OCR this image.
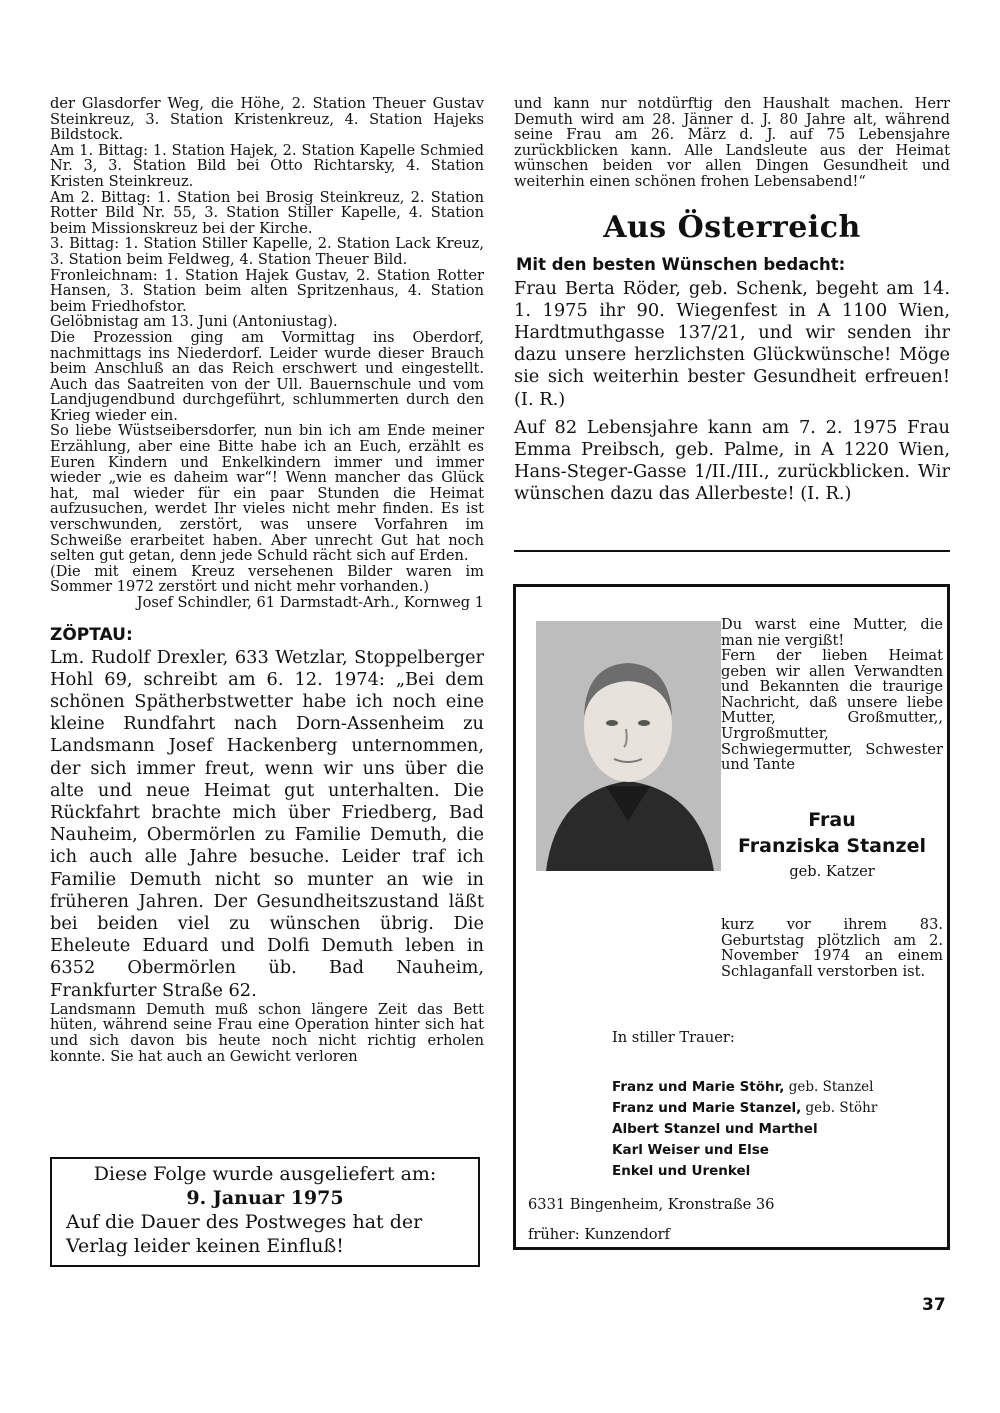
der Glasdorfer Weg, die Höhe, 2. Station Theuer Gustav Steinkreuz, 3. Station Kristenkreuz, 4. Station Hajeks Bildstock.

Am 1. Bittag: 1. Station Hajek, 2. Station Kapelle Schmied Nr. 3, 3. Station Bild bei Otto Richtarsky, 4. Station Kristen Steinkreuz.

Am 2. Bittag: 1. Station bei Brosig Steinkreuz, 2. Station Rotter Bild Nr. 55, 3. Station Stiller Kapelle, 4. Station beim Missionskreuz bei der Kirche.

3. Bittag: 1. Station Stiller Kapelle, 2. Station Lack Kreuz, 3. Station beim Feldweg, 4. Station Theuer Bild.

Fronleichnam: 1. Station Hajek Gustav, 2. Station Rotter Hansen, 3. Station beim alten Spritzenhaus, 4. Station beim Friedhofstor.

Gelöbnistag am 13. Juni (Antoniustag).

Die Prozession ging am Vormittag ins Oberdorf, nachmittags ins Niederdorf. Leider wurde dieser Brauch beim Anschluß an das Reich erschwert und eingestellt. Auch das Saatreiten von der Ull. Bauernschule und vom Landjugendbund durchgeführt, schlummerten durch den Krieg wieder ein.

So liebe Wüstseibersdorfer, nun bin ich am Ende meiner Erzählung, aber eine Bitte habe ich an Euch, erzählt es Euren Kindern und Enkelkindern immer und immer wieder „wie es daheim war“! Wenn mancher das Glück hat, mal wieder für ein paar Stunden die Heimat aufzusuchen, werdet Ihr vieles nicht mehr finden. Es ist verschwunden, zerstört, was unsere Vorfahren im Schweiße erarbeitet haben. Aber unrecht Gut hat noch selten gut getan, denn jede Schuld rächt sich auf Erden.

(Die mit einem Kreuz versehenen Bilder waren im Sommer 1972 zerstört und nicht mehr vorhanden.)

Josef Schindler, 61 Darmstadt-Arh., Kornweg 1

ZÖPTAU:

Lm. Rudolf Drexler, 633 Wetzlar, Stoppelberger Hohl 69, schreibt am 6. 12. 1974: „Bei dem schönen Spätherbstwetter habe ich noch eine kleine Rundfahrt nach Dorn-Assenheim zu Landsmann Josef Hackenberg unternommen, der sich immer freut, wenn wir uns über die alte und neue Heimat gut unterhalten. Die Rückfahrt brachte mich über Friedberg, Bad Nauheim, Obermörlen zu Familie Demuth, die ich auch alle Jahre besuche. Leider traf ich Familie Demuth nicht so munter an wie in früheren Jahren. Der Gesundheitszustand läßt bei beiden viel zu wünschen übrig. Die Eheleute Eduard und Dolfi Demuth leben in 6352 Obermörlen üb. Bad Nauheim, Frankfurter Straße 62.

Landsmann Demuth muß schon längere Zeit das Bett hüten, während seine Frau eine Operation hinter sich hat und sich davon bis heute noch nicht richtig erholen konnte. Sie hat auch an Gewicht verloren

Diese Folge wurde ausgeliefert am:

9. Januar 1975

Auf die Dauer des Postweges hat der Verlag leider keinen Einfluß!

und kann nur notdürftig den Haushalt machen. Herr Demuth wird am 28. Jänner d. J. 80 Jahre alt, während seine Frau am 26. März d. J. auf 75 Lebensjahre zurückblicken kann. Alle Landsleute aus der Heimat wünschen beiden vor allen Dingen Gesundheit und weiterhin einen schönen frohen Lebensabend!“

Aus Österreich
Mit den besten Wünschen bedacht:

Frau Berta Röder, geb. Schenk, begeht am 14. 1. 1975 ihr 90. Wiegenfest in A 1100 Wien, Hardtmuthgasse 137/21, und wir senden ihr dazu unsere herzlichsten Glückwünsche! Möge sie sich weiterhin bester Gesundheit erfreuen! (I. R.)

Auf 82 Lebensjahre kann am 7. 2. 1975 Frau Emma Preibsch, geb. Palme, in A 1220 Wien, Hans-Steger-Gasse 1/II./III., zurückblicken. Wir wünschen dazu das Allerbeste! (I. R.)

Du warst eine Mutter, die man nie vergißt!

Fern der lieben Heimat geben wir allen Verwandten und Bekannten die traurige Nachricht, daß unsere liebe Mutter, Großmutter,, Urgroßmutter, Schwiegermutter, Schwester und Tante

Frau
Franziska Stanzel

geb. Katzer

kurz vor ihrem 83. Geburtstag plötzlich am 2. November 1974 an einem Schlaganfall verstorben ist.

In stiller Trauer:

Franz und Marie Stöhr, geb. Stanzel
Franz und Marie Stanzel, geb. Stöhr
Albert Stanzel und Marthel
Karl Weiser und Else
Enkel und Urenkel

6331 Bingenheim, Kronstraße 36

früher: Kunzendorf

37
